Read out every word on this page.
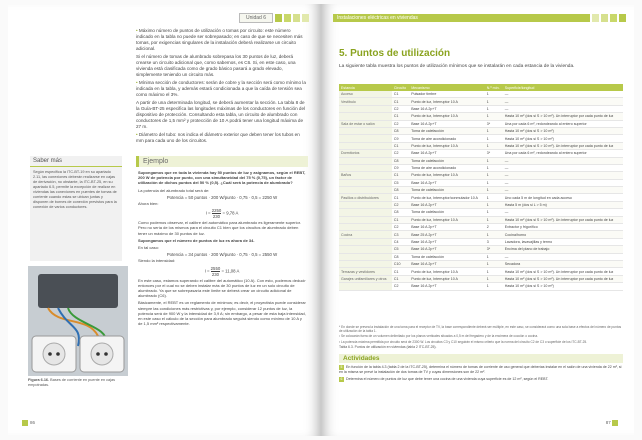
Unidad 6

• Máximo número de puntos de utilización o tomas por circuito: este número indicado en la tabla no puede ser sobrepasado; en caso de que se necesiten más tomas, por exigencias singulares de la instalación deberá realizarse un circuito adicional.

Si el número de tomas de alumbrado sobrepasa los 30 puntos de luz, deberá crearse un circuito adicional que, como sabemos, es C6. Si, en este caso, una vivienda está clasificada como de grado básico pasará a grado elevado, simplemente teniendo un circuito más.

• Mínima sección de conductores: serán de cobre y la sección será como mínimo la indicada en la tabla, y además estará condicionada a que la caída de tensión sea como máximo el 3%.

A partir de una determinada longitud, se deberá aumentar la sección. La tabla 8 de la Guía-BT-25 especifica las longitudes máximas de los conductores en función del dispositivo de protección. Consultando esta tabla, un circuito de alumbrado con conductores de 1,5 mm² y protección de 10 A podrá tener una longitud máxima de 27 m.

• Diámetro del tubo: nos indica el diámetro exterior que deben tener los tubos en mm para cada uno de los circuitos.

Saber más
Según especifica la ITC-BT-19 en su apartado 2.11, las conexiones deberán realizarse en cajas de derivación, no obstante, la ITC-BT-25, en su apartado 6.5, permite la excepción de realizar en viviendas las conexiones en puentes de tomas de corriente cuando estas se ubican juntas y disponen de bornes de conexión previstos para la conexión de varios conductores.
Ejemplo

Supongamos que en toda la vivienda hay 50 puntos de luz y asignamos, según el REBT, 200 W de potencia por punto, con una simultaneidad del 75 % (0,75), un factor de utilización de dichos puntos del 50 % (0,5). ¿Cuál será la potencia de alumbrado?

La potencia del alumbrado total será de:

Potencia = 50 puntos · 200 W/punto · 0,75 · 0,5 = 2250 W

Ahora bien:

$I = \frac{2250}{230} = 9,78$ A

Como podemos observar, el calibre del automático para alumbrado es ligeramente superior. Pero no sería de los mismos para el circuito C1 bien que los circuitos de alumbrado deben tener un máximo de 30 puntos de luz.

Supongamos que el número de puntos de luz es ahora de 34.

En tal caso:

Potencia = 34 puntos · 200 W/punto · 0,75 · 0,5 = 2550 W

Siendo la intensidad:

$I = \frac{2550}{230} = 11,08$ A

En este caso, estamos superando el calibre del automático (10 A). Con esto, podemos deducir entonces por el cual no se deben instalar más de 30 puntos de luz en un solo circuito de alumbrado. Ya que se sobrepasaría este límite se deberá crear un circuito adicional de alumbrado (C6).

Básicamente, el REBT es un reglamento de mínimos; es decir, el proyectista puede considerar siempre las condiciones más restrictivas y, por ejemplo, considerar 12 puntos de luz, la potencia será de 900 W y la intensidad de 3,9 A; sin embargo, a pesar de esta baja intensidad, en este caso el cálculo de la sección para alumbrado seguirá siendo como mínimo de 10 A y de 1,5 mm² respectivamente.

Figura 6.16. Bases de corriente en puente en cajas empotradas.
86
Instalaciones eléctricas en viviendas
5. Puntos de utilización
La siguiente tabla muestra los puntos de utilización mínimos que se instalarán en cada estancia de la vivienda.
Estancia	Circuito	Mecanismo	N.º mín.	Superficie/longitud
Acceso	C1	Pulsador timbre	1	—
Vestíbulo	C1	Punto de luz, Interruptor 10 A	1	—
	C2	Base 16 A 2p+T	1	—
	C1	Punto de luz, Interruptor 10 A	1	Hasta 10 m² (dos si S > 10 m²). Un interruptor por cada punto de luz
Sala de estar o salón	C2	Base 16 A 2p+T	3*	Una por cada 6 m², redondeando al entero superior
	C8	Toma de calefacción	1	Hasta 10 m² (dos si S > 10 m²)
	C9	Toma de aire acondicionado	1	Hasta 10 m² (dos si S > 10 m²)
	C1	Punto de luz, Interruptor 10 A	1	Hasta 10 m² (dos si S > 10 m²). Un interruptor por cada punto de luz
Dormitorios	C2	Base 16 A 2p+T	3*	Una por cada 6 m², redondeando al entero superior
	C8	Toma de calefacción	1	—
	C9	Toma de aire acondicionado	1	—
Baños	C1	Punto de luz, Interruptor 10 A	1	—
	C5	Base 16 A 2p+T	1	—
	C8	Toma de calefacción	1	—
Pasillos o distribuidores	C1	Punto de luz, Interruptor/conmutador 10 A	1	Uno cada 5 m de longitud en cada acceso
	C2	Base 16 A 2p+T	1	Hasta 5 m (dos si L > 5 m)
	C8	Toma de calefacción	1	—
	C1	Punto de luz, Interruptor 10 A	1	Hasta 10 m² (dos si S > 10 m²). Un interruptor por cada punto de luz
	C2	Base 16 A 2p+T	2	Extractor y frigorífico
Cocina	C3	Base 25 A 2p+T	1	Cocina/horno
	C4	Base 16 A 2p+T	3	Lavadora, lavavajillas y termo
	C5	Base 16 A 2p+T	3*	Encima del plano de trabajo
	C8	Toma de calefacción	1	—
	C10	Base 16 A 2p+T	1	Secadora
Terrazas y vestidores	C1	Punto de luz, Interruptor 10 A	1	Hasta 10 m² (dos si S > 10 m²). Un interruptor por cada punto de luz
Garajes unifamiliares y otros	C1	Punto de luz, Interruptor 10 A	1	Hasta 10 m² (dos si S > 10 m²). Un interruptor por cada punto de luz
	C2	Base 16 A 2p+T	1	Hasta 10 m² (dos si S > 10 m²)

* En donde se prevea la instalación de una toma para el receptor de TV, la base correspondiente deberá ser múltiple, en este caso, se considerará como una sola base a efectos del número de puntos de utilización de la tabla 1.

¹ Se colocarán fuera de un volumen delimitado por los planos verticales situados a 0,5 m del fregadero y de la encimera de cocción o cocina.

² La potencia máxima permitida por circuito será de 2300 W. Los circuitos C3 y C10 seguirán el mismo criterio que la norma del circuito C2 de C3 o superficie de los ITC-BT-25.

Tabla 6.3. Puntos de utilización en viviendas (tabla 2 ITC-BT-25).
Actividades
5 En función de la tabla 4.3 (tabla 2 de la ITC-BT-25), determina el número de tomas de corriente de uso general que deberías instalar en el salón de una vivienda de 22 m², si en la misma se prevé la instalación de dos tomas de TV y cuyas dimensiones son de 22 m².
6 Determina el número de puntos de luz que debe tener una cocina de una vivienda cuya superficie es de 12 m², según el REBT.
87
